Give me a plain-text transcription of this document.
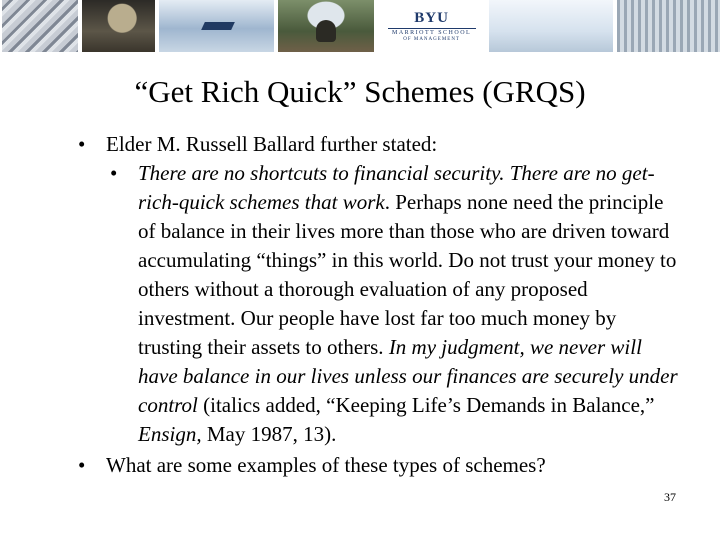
BYU
MARRIOTT SCHOOL
OF MANAGEMENT
“Get Rich Quick” Schemes (GRQS)
• Elder M. Russell Ballard further stated:
• There are no shortcuts to financial security. There are no get-rich-quick schemes that work. Perhaps none need the principle of balance in their lives more than those who are driven toward accumulating “things” in this world. Do not trust your money to others without a thorough evaluation of any proposed investment. Our people have lost far too much money by trusting their assets to others. In my judgment, we never will have balance in our lives unless our finances are securely under control (italics added, “Keeping Life’s Demands in Balance,” Ensign, May 1987, 13).
• What are some examples of these types of schemes?
37
